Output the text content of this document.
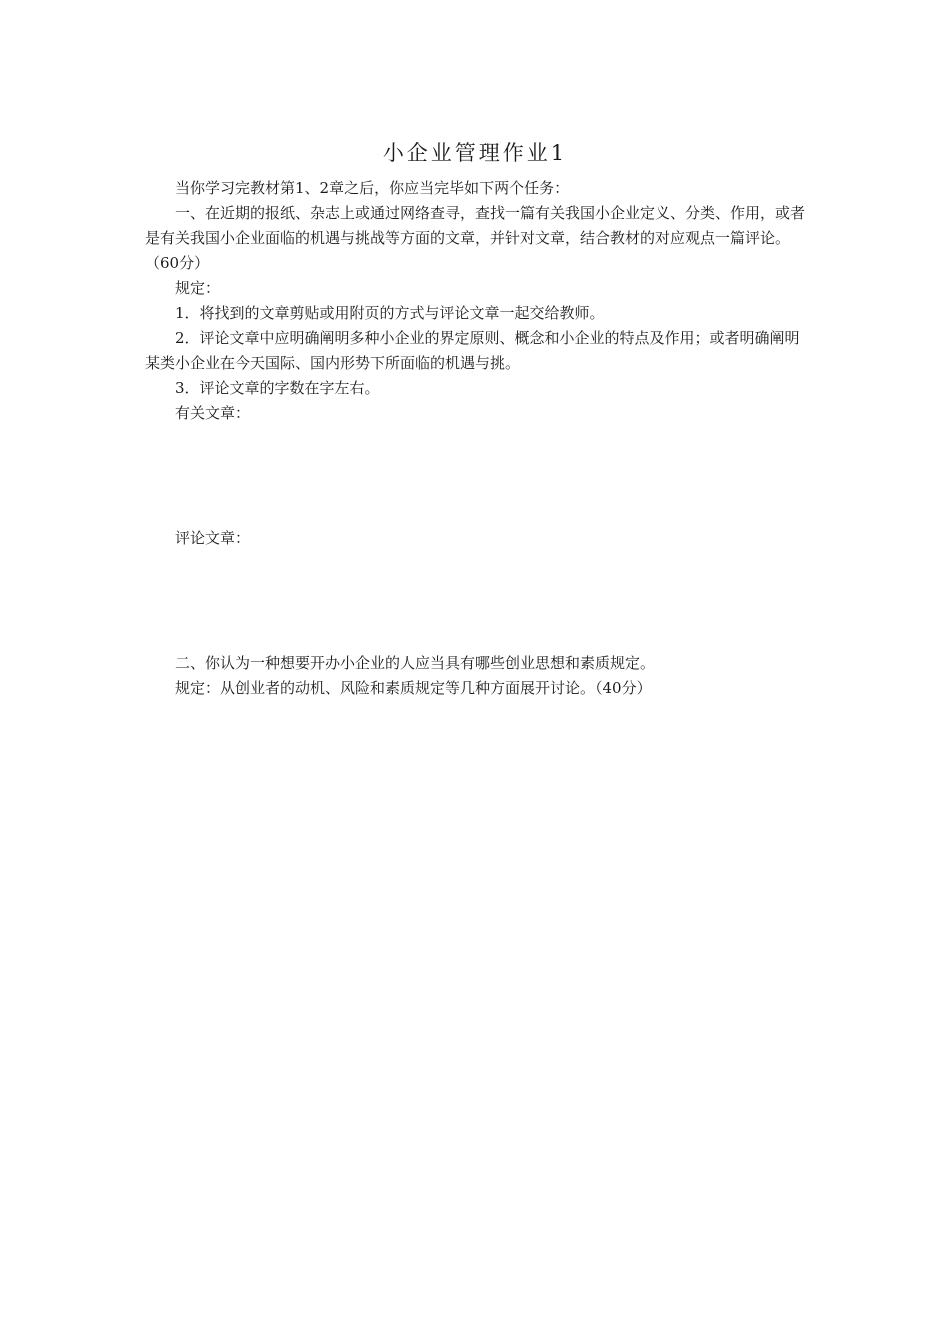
小企业管理作业1

当你学习完教材第1、2章之后，你应当完毕如下两个任务：

一、在近期的报纸、杂志上或通过网络查寻，查找一篇有关我国小企业定义、分类、作用，或者是有关我国小企业面临的机遇与挑战等方面的文章，并针对文章，结合教材的对应观点一篇评论。（60分）

规定：

1．将找到的文章剪贴或用附页的方式与评论文章一起交给教师。

2．评论文章中应明确阐明多种小企业的界定原则、概念和小企业的特点及作用；或者明确阐明某类小企业在今天国际、国内形势下所面临的机遇与挑。

3．评论文章的字数在字左右。

有关文章：

评论文章：

二、你认为一种想要开办小企业的人应当具有哪些创业思想和素质规定。

规定：从创业者的动机、风险和素质规定等几种方面展开讨论。（40分）
